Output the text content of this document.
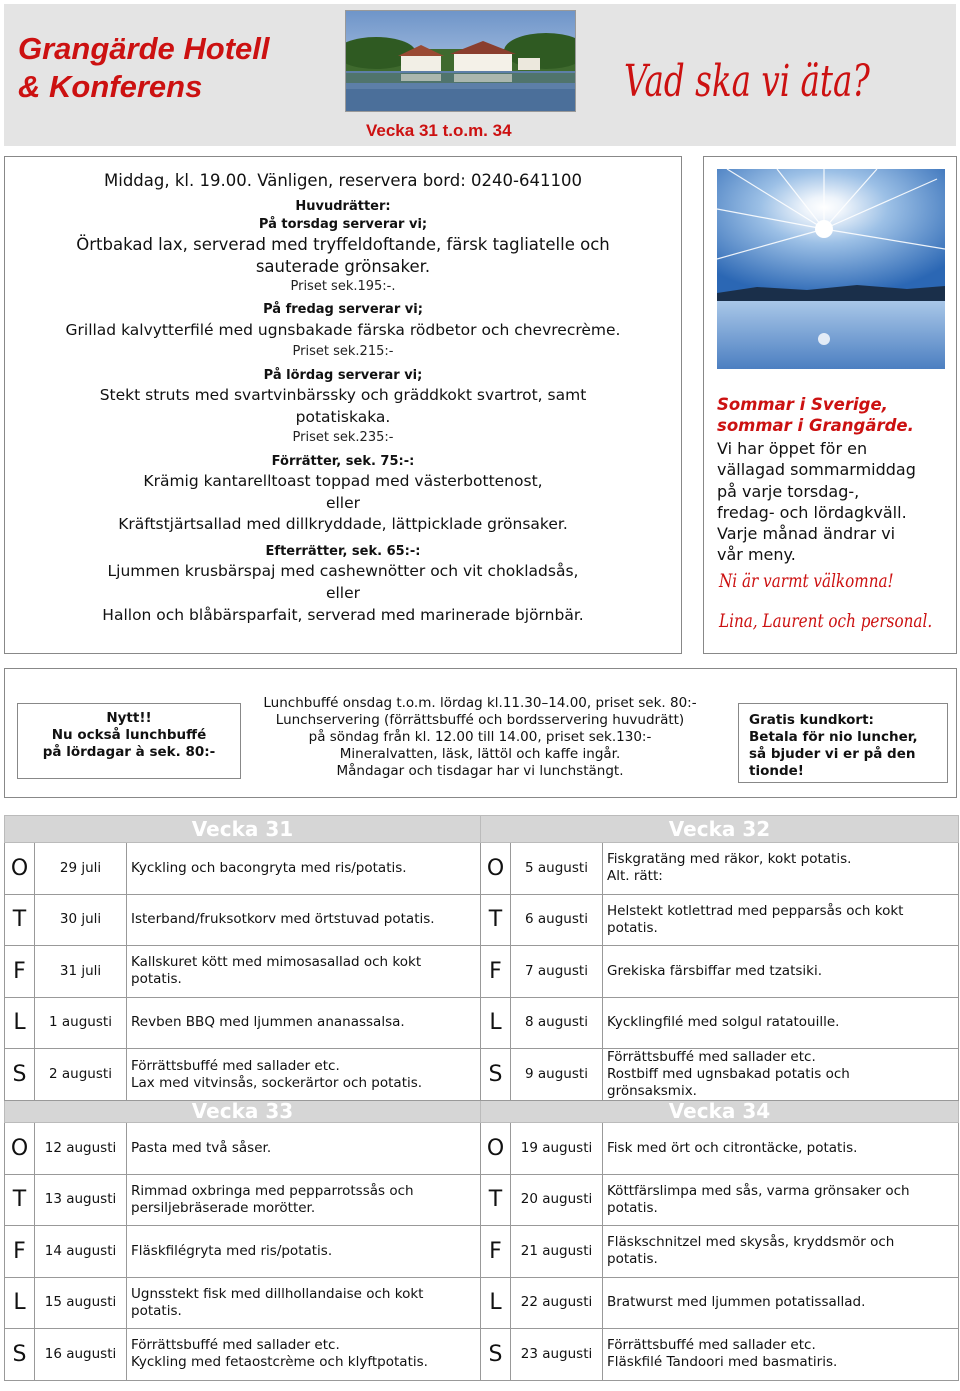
Grangärde Hotell
& Konferens
Vecka 31 t.o.m. 34
Vad ska vi äta?
Middag, kl. 19.00. Vänligen, reservera bord: 0240-641100
Huvudrätter:
På torsdag serverar vi;
Örtbakad lax, serverad med tryffeldoftande, färsk tagliatelle och
sauterade grönsaker.
Priset sek.195:-.
På fredag serverar vi;
Grillad kalvytterfilé med ugnsbakade färska rödbetor och chevrecrème.
Priset sek.215:-
På lördag serverar vi;
Stekt struts med svartvinbärssky och gräddkokt svartrot, samt
potatiskaka.
Priset sek.235:-
Förrätter, sek. 75:-:
Krämig kantarelltoast toppad med västerbottenost,
eller
Kräftstjärtsallad med dillkryddade, lättpicklade grönsaker.
Efterrätter, sek. 65:-:
Ljummen krusbärspaj med cashewnötter och vit chokladsås,
eller
Hallon och blåbärsparfait, serverad med marinerade björnbär.
Sommar i Sverige,
sommar i Grangärde.
Vi har öppet för en
vällagad sommarmiddag
på varje torsdag-,
fredag- och lördagkväll.
Varje månad ändrar vi
vår meny.
Ni är varmt välkomna!
Lina, Laurent och personal.
Nytt!!
Nu också lunchbuffé
på lördagar à sek. 80:-
Lunchbuffé onsdag t.o.m. lördag kl.11.30–14.00, priset sek. 80:-
Lunchservering (förrättsbuffé och bordsservering huvudrätt)
på söndag från kl. 12.00 till 14.00, priset sek.130:-
Mineralvatten, läsk, lättöl och kaffe ingår.
Måndagar och tisdagar har vi lunchstängt.
Gratis kundkort:
Betala för nio luncher,
så bjuder vi er på den
tionde!
Vecka 31			Vecka 32		
O	29 juli	Kyckling och bacongryta med ris/potatis.	O	5 augusti	Fiskgratäng med räkor, kokt potatis.
Alt. rätt:
T	30 juli	Isterband/fruksotkorv med örtstuvad potatis.	T	6 augusti	Helstekt kotlettrad med pepparsås och kokt
potatis.
F	31 juli	Kallskuret kött med mimosasallad och kokt
potatis.	F	7 augusti	Grekiska färsbiffar med tzatsiki.
L	1 augusti	Revben BBQ med ljummen ananassalsa.	L	8 augusti	Kycklingfilé med solgul ratatouille.
S	2 augusti	Förrättsbuffé med sallader etc.
Lax med vitvinsås, sockerärtor och potatis.	S	9 augusti	Förrättsbuffé med sallader etc.
Rostbiff med ugnsbakad potatis och
grönsaksmix.
Vecka 33			Vecka 34		
O	12 augusti	Pasta med två såser.	O	19 augusti	Fisk med ört och citrontäcke, potatis.
T	13 augusti	Rimmad oxbringa med pepparrotssås och
persiljebräserade morötter.	T	20 augusti	Köttfärslimpa med sås, varma grönsaker och
potatis.
F	14 augusti	Fläskfilégryta med ris/potatis.	F	21 augusti	Fläskschnitzel med skysås, kryddsmör och
potatis.
L	15 augusti	Ugnsstekt fisk med dillhollandaise och kokt
potatis.	L	22 augusti	Bratwurst med ljummen potatissallad.
S	16 augusti	Förrättsbuffé med sallader etc.
Kyckling med fetaostcrème och klyftpotatis.	S	23 augusti	Förrättsbuffé med sallader etc.
Fläskfilé Tandoori med basmatiris.
